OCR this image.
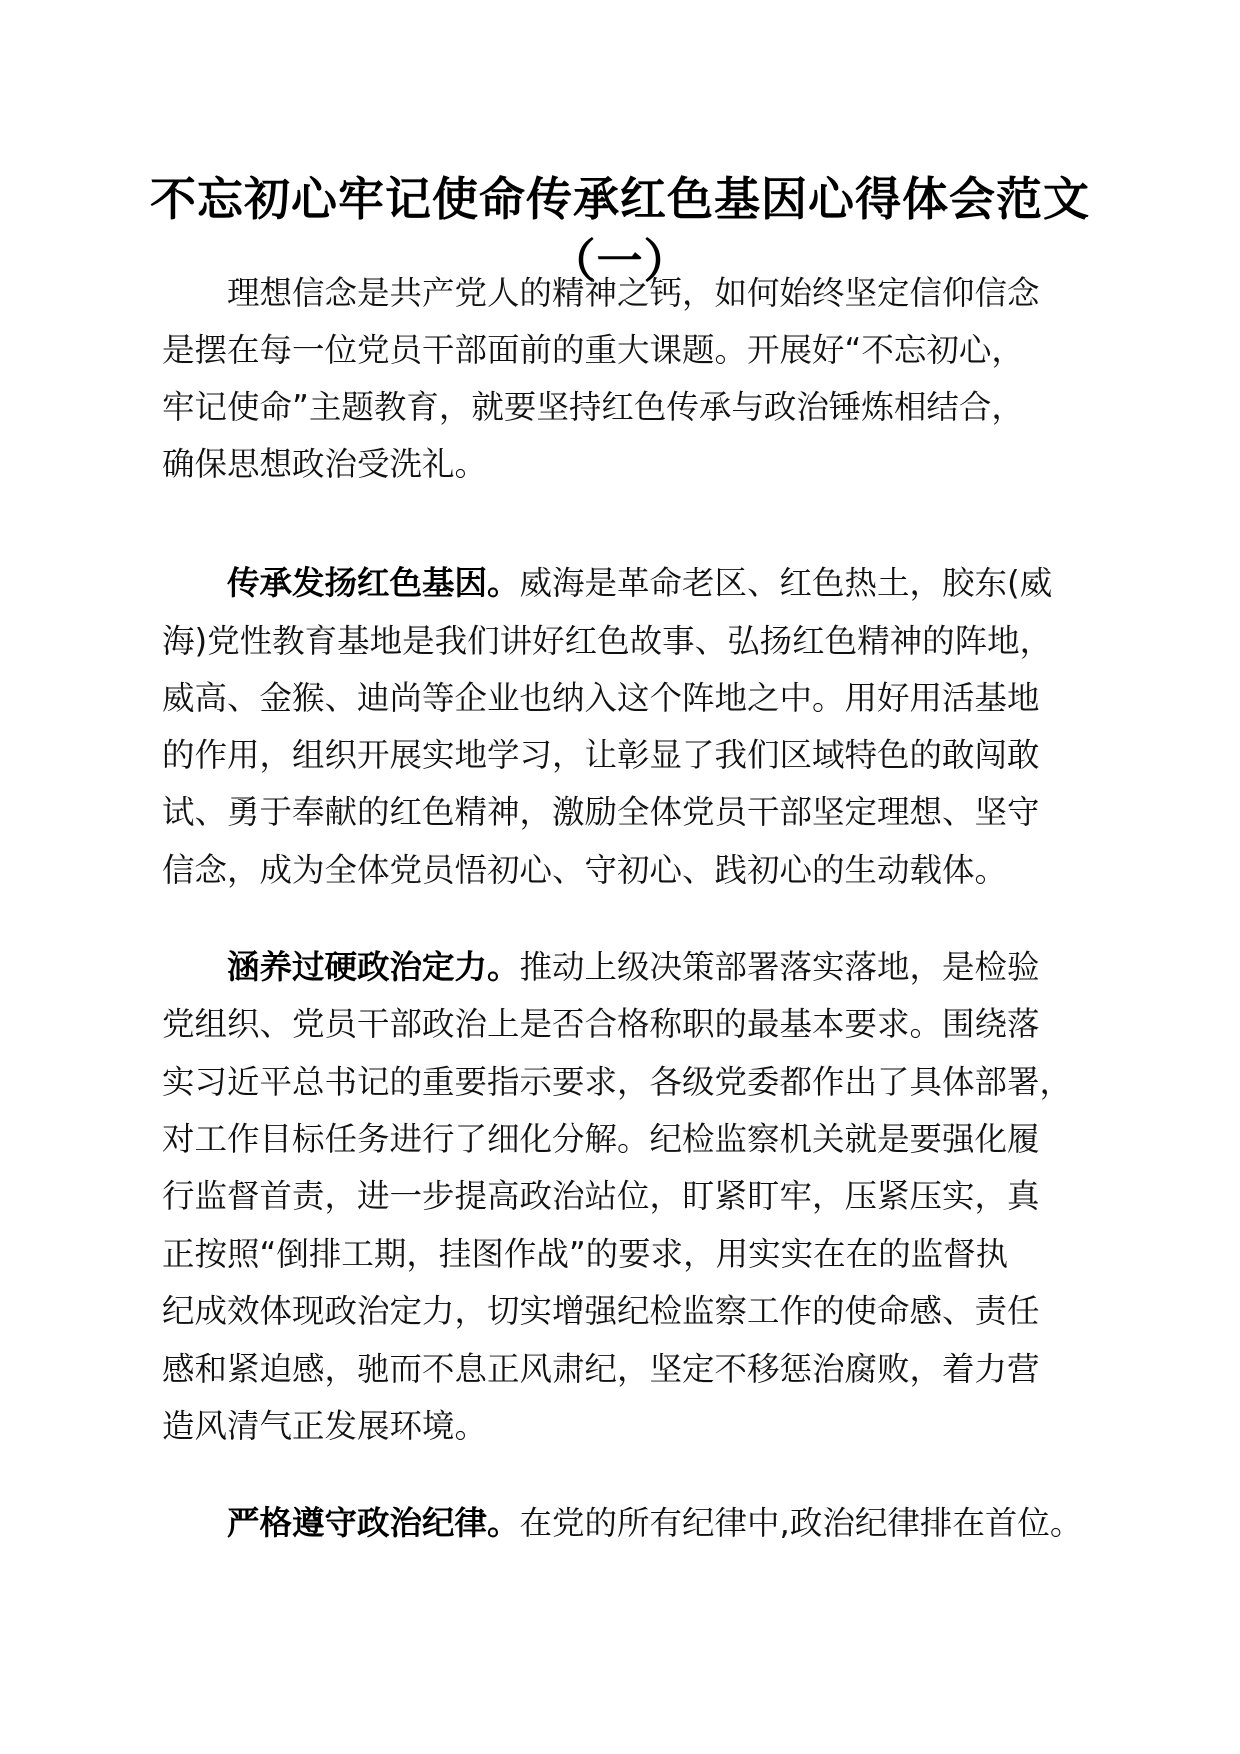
不忘初心牢记使命传承红色基因心得体会范文
（一）
理想信念是共产党人的精神之钙，如何始终坚定信仰信念
是摆在每一位党员干部面前的重大课题。开展好“不忘初心，
牢记使命”主题教育，就要坚持红色传承与政治锤炼相结合，
确保思想政治受洗礼。
传承发扬红色基因。威海是革命老区、红色热土，胶东(威
海)党性教育基地是我们讲好红色故事、弘扬红色精神的阵地，
威高、金猴、迪尚等企业也纳入这个阵地之中。用好用活基地
的作用，组织开展实地学习，让彰显了我们区域特色的敢闯敢
试、勇于奉献的红色精神，激励全体党员干部坚定理想、坚守
信念，成为全体党员悟初心、守初心、践初心的生动载体。
涵养过硬政治定力。推动上级决策部署落实落地，是检验
党组织、党员干部政治上是否合格称职的最基本要求。围绕落
实习近平总书记的重要指示要求，各级党委都作出了具体部署，
对工作目标任务进行了细化分解。纪检监察机关就是要强化履
行监督首责，进一步提高政治站位，盯紧盯牢，压紧压实，真
正按照“倒排工期，挂图作战”的要求，用实实在在的监督执
纪成效体现政治定力，切实增强纪检监察工作的使命感、责任
感和紧迫感，驰而不息正风肃纪，坚定不移惩治腐败，着力营
造风清气正发展环境。
严格遵守政治纪律。在党的所有纪律中,政治纪律排在首位。
